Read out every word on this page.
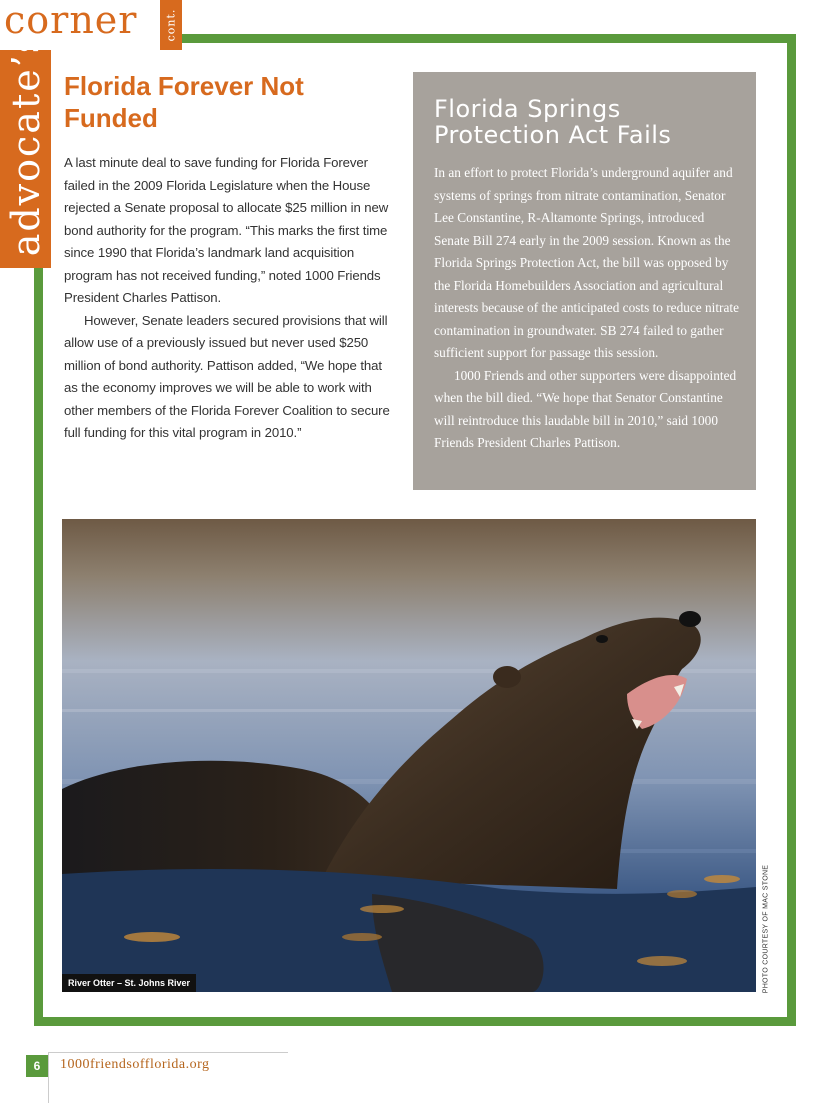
corner cont.
advocate’s Florida Forever Not Funded

A last minute deal to save funding for Florida Forever failed in the 2009 Florida Legislature when the House rejected a Senate proposal to allocate $25 million in new bond authority for the program. “This marks the first time since 1990 that Florida’s landmark land acquisition program has not received funding,” noted 1000 Friends President Charles Pattison.

However, Senate leaders secured provisions that will allow use of a previously issued but never used $250 million of bond authority. Pattison added, “We hope that as the economy improves we will be able to work with other members of the Florida Forever Coalition to secure full funding for this vital program in 2010.”

Florida Springs Protection Act Fails

In an effort to protect Florida’s underground aquifer and systems of springs from nitrate contamination, Senator Lee Constantine, R-Altamonte Springs, introduced Senate Bill 274 early in the 2009 session. Known as the Florida Springs Protection Act, the bill was opposed by the Florida Homebuilders Association and agricultural interests because of the anticipated costs to reduce nitrate contamination in groundwater. SB 274 failed to gather sufficient support for passage this session.

1000 Friends and other supporters were disappointed when the bill died. “We hope that Senator Constantine will reintroduce this laudable bill in 2010,” said 1000 Friends President Charles Pattison.

River Otter – St. Johns River	PHOTO COURTESY OF MAC STONE
6	1000friendsofflorida.org
